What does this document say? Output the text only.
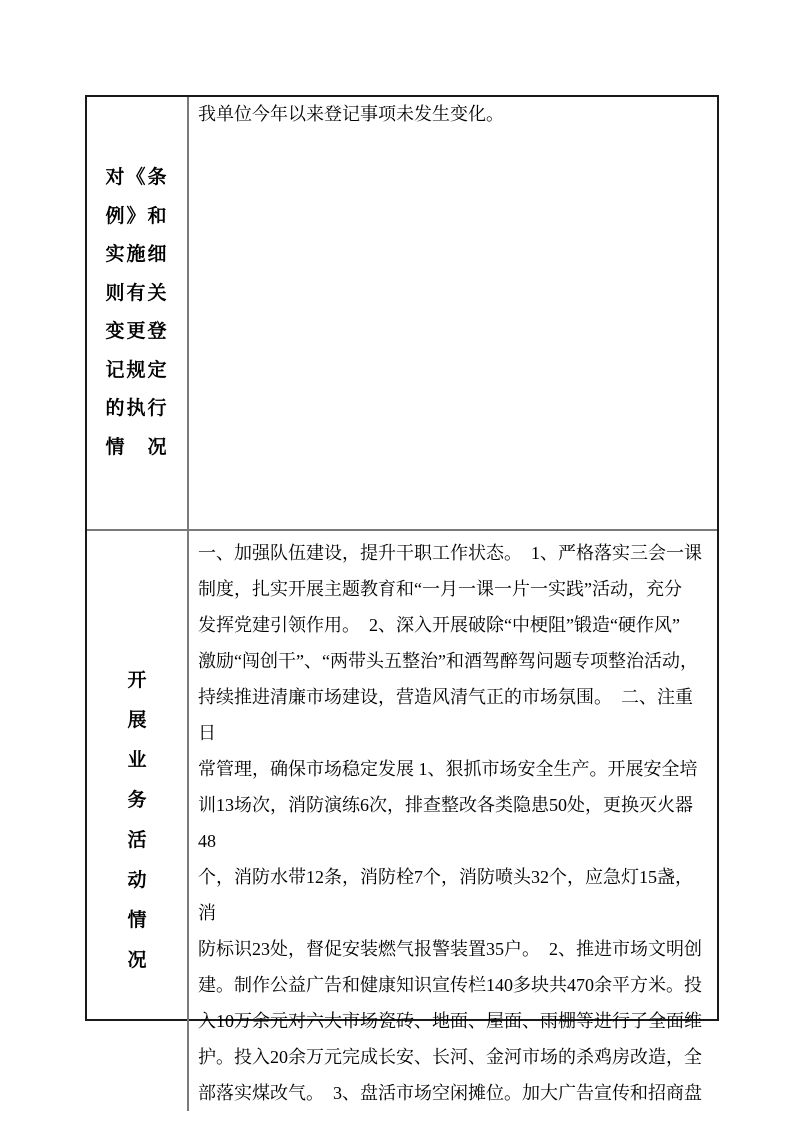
对《条
例》和
实施细
则有关
变更登
记规定
的执行
情　况
我单位今年以来登记事项未发生变化。
开
展
业
务
活
动
情
况
一、加强队伍建设，提升干职工作状态。　1、严格落实三会一课
制度，扎实开展主题教育和“一月一课一片一实践”活动，充分
发挥党建引领作用。　2、深入开展破除“中梗阻”锻造“硬作风”
激励“闯创干”、“两带头五整治”和酒驾醉驾问题专项整治活动，
持续推进清廉市场建设，营造风清气正的市场氛围。　二、注重日
常管理，确保市场稳定发展 1、狠抓市场安全生产。开展安全培
训13场次，消防演练6次，排查整改各类隐患50处，更换灭火器48
个，消防水带12条，消防栓7个，消防喷头32个，应急灯15盏，消
防标识23处，督促安装燃气报警装置35户。　2、推进市场文明创
建。制作公益广告和健康知识宣传栏140多块共470余平方米。投
入10万余元对六大市场瓷砖、地面、屋面、雨棚等进行了全面维
护。投入20余万元完成长安、长河、金河市场的杀鸡房改造，全
部落实煤改气。　3、盘活市场空闲摊位。加大广告宣传和招商盘
